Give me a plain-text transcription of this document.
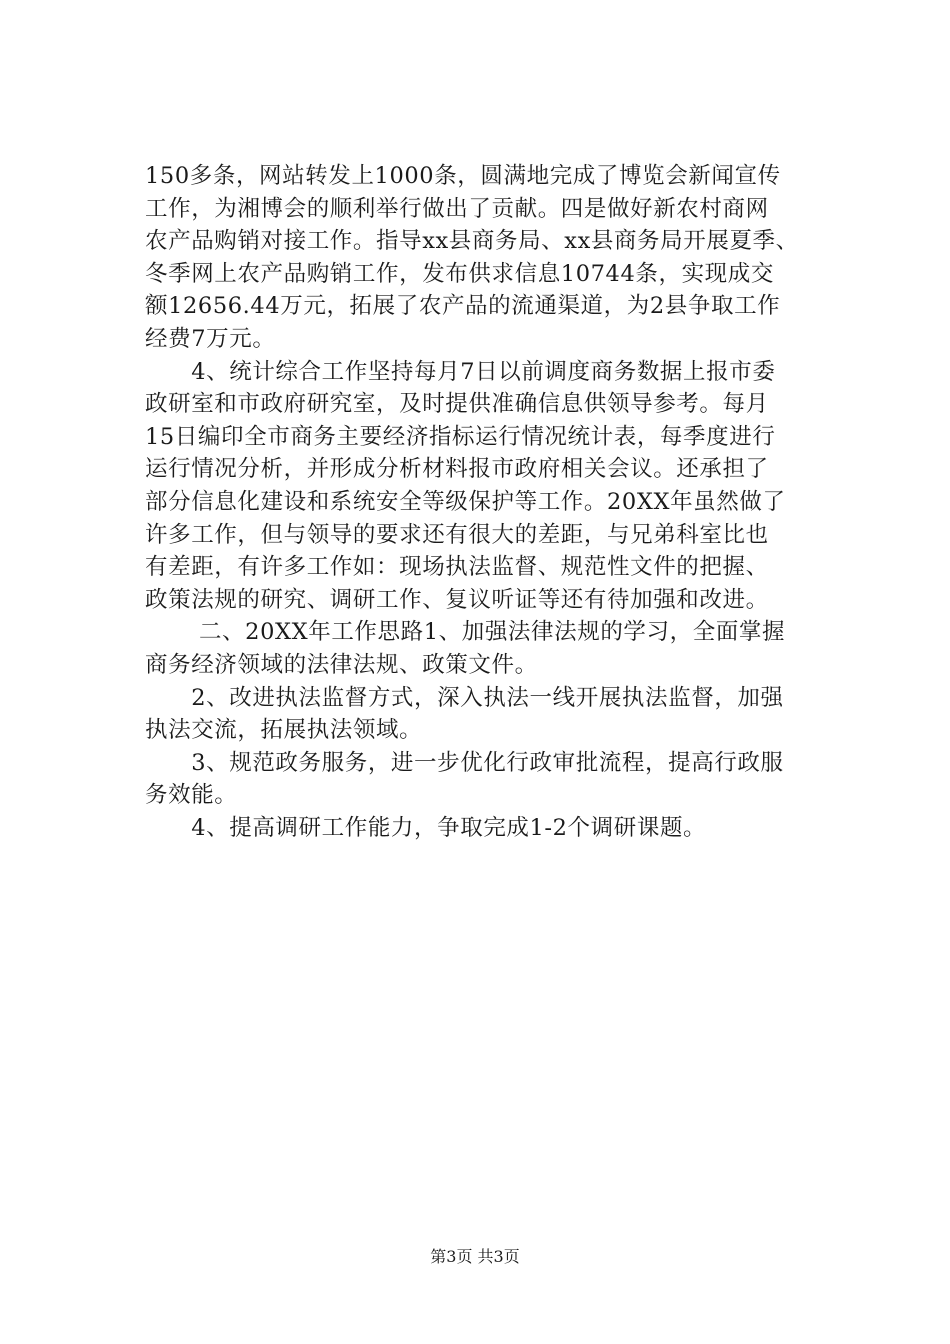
150多条，网站转发上1000条，圆满地完成了博览会新闻宣传
工作，为湘博会的顺利举行做出了贡献。四是做好新农村商网
农产品购销对接工作。指导xx县商务局、xx县商务局开展夏季、
冬季网上农产品购销工作，发布供求信息10744条，实现成交
额12656.44万元，拓展了农产品的流通渠道，为2县争取工作
经费7万元。
　　4、统计综合工作坚持每月7日以前调度商务数据上报市委
政研室和市政府研究室，及时提供准确信息供领导参考。每月
15日编印全市商务主要经济指标运行情况统计表，每季度进行
运行情况分析，并形成分析材料报市政府相关会议。还承担了
部分信息化建设和系统安全等级保护等工作。20XX年虽然做了
许多工作，但与领导的要求还有很大的差距，与兄弟科室比也
有差距，有许多工作如：现场执法监督、规范性文件的把握、
政策法规的研究、调研工作、复议听证等还有待加强和改进。
　　 二、20XX年工作思路1、加强法律法规的学习，全面掌握
商务经济领域的法律法规、政策文件。
　　2、改进执法监督方式，深入执法一线开展执法监督，加强
执法交流，拓展执法领域。
　　3、规范政务服务，进一步优化行政审批流程，提高行政服
务效能。
　　4、提高调研工作能力，争取完成1-2个调研课题。
第3页 共3页
